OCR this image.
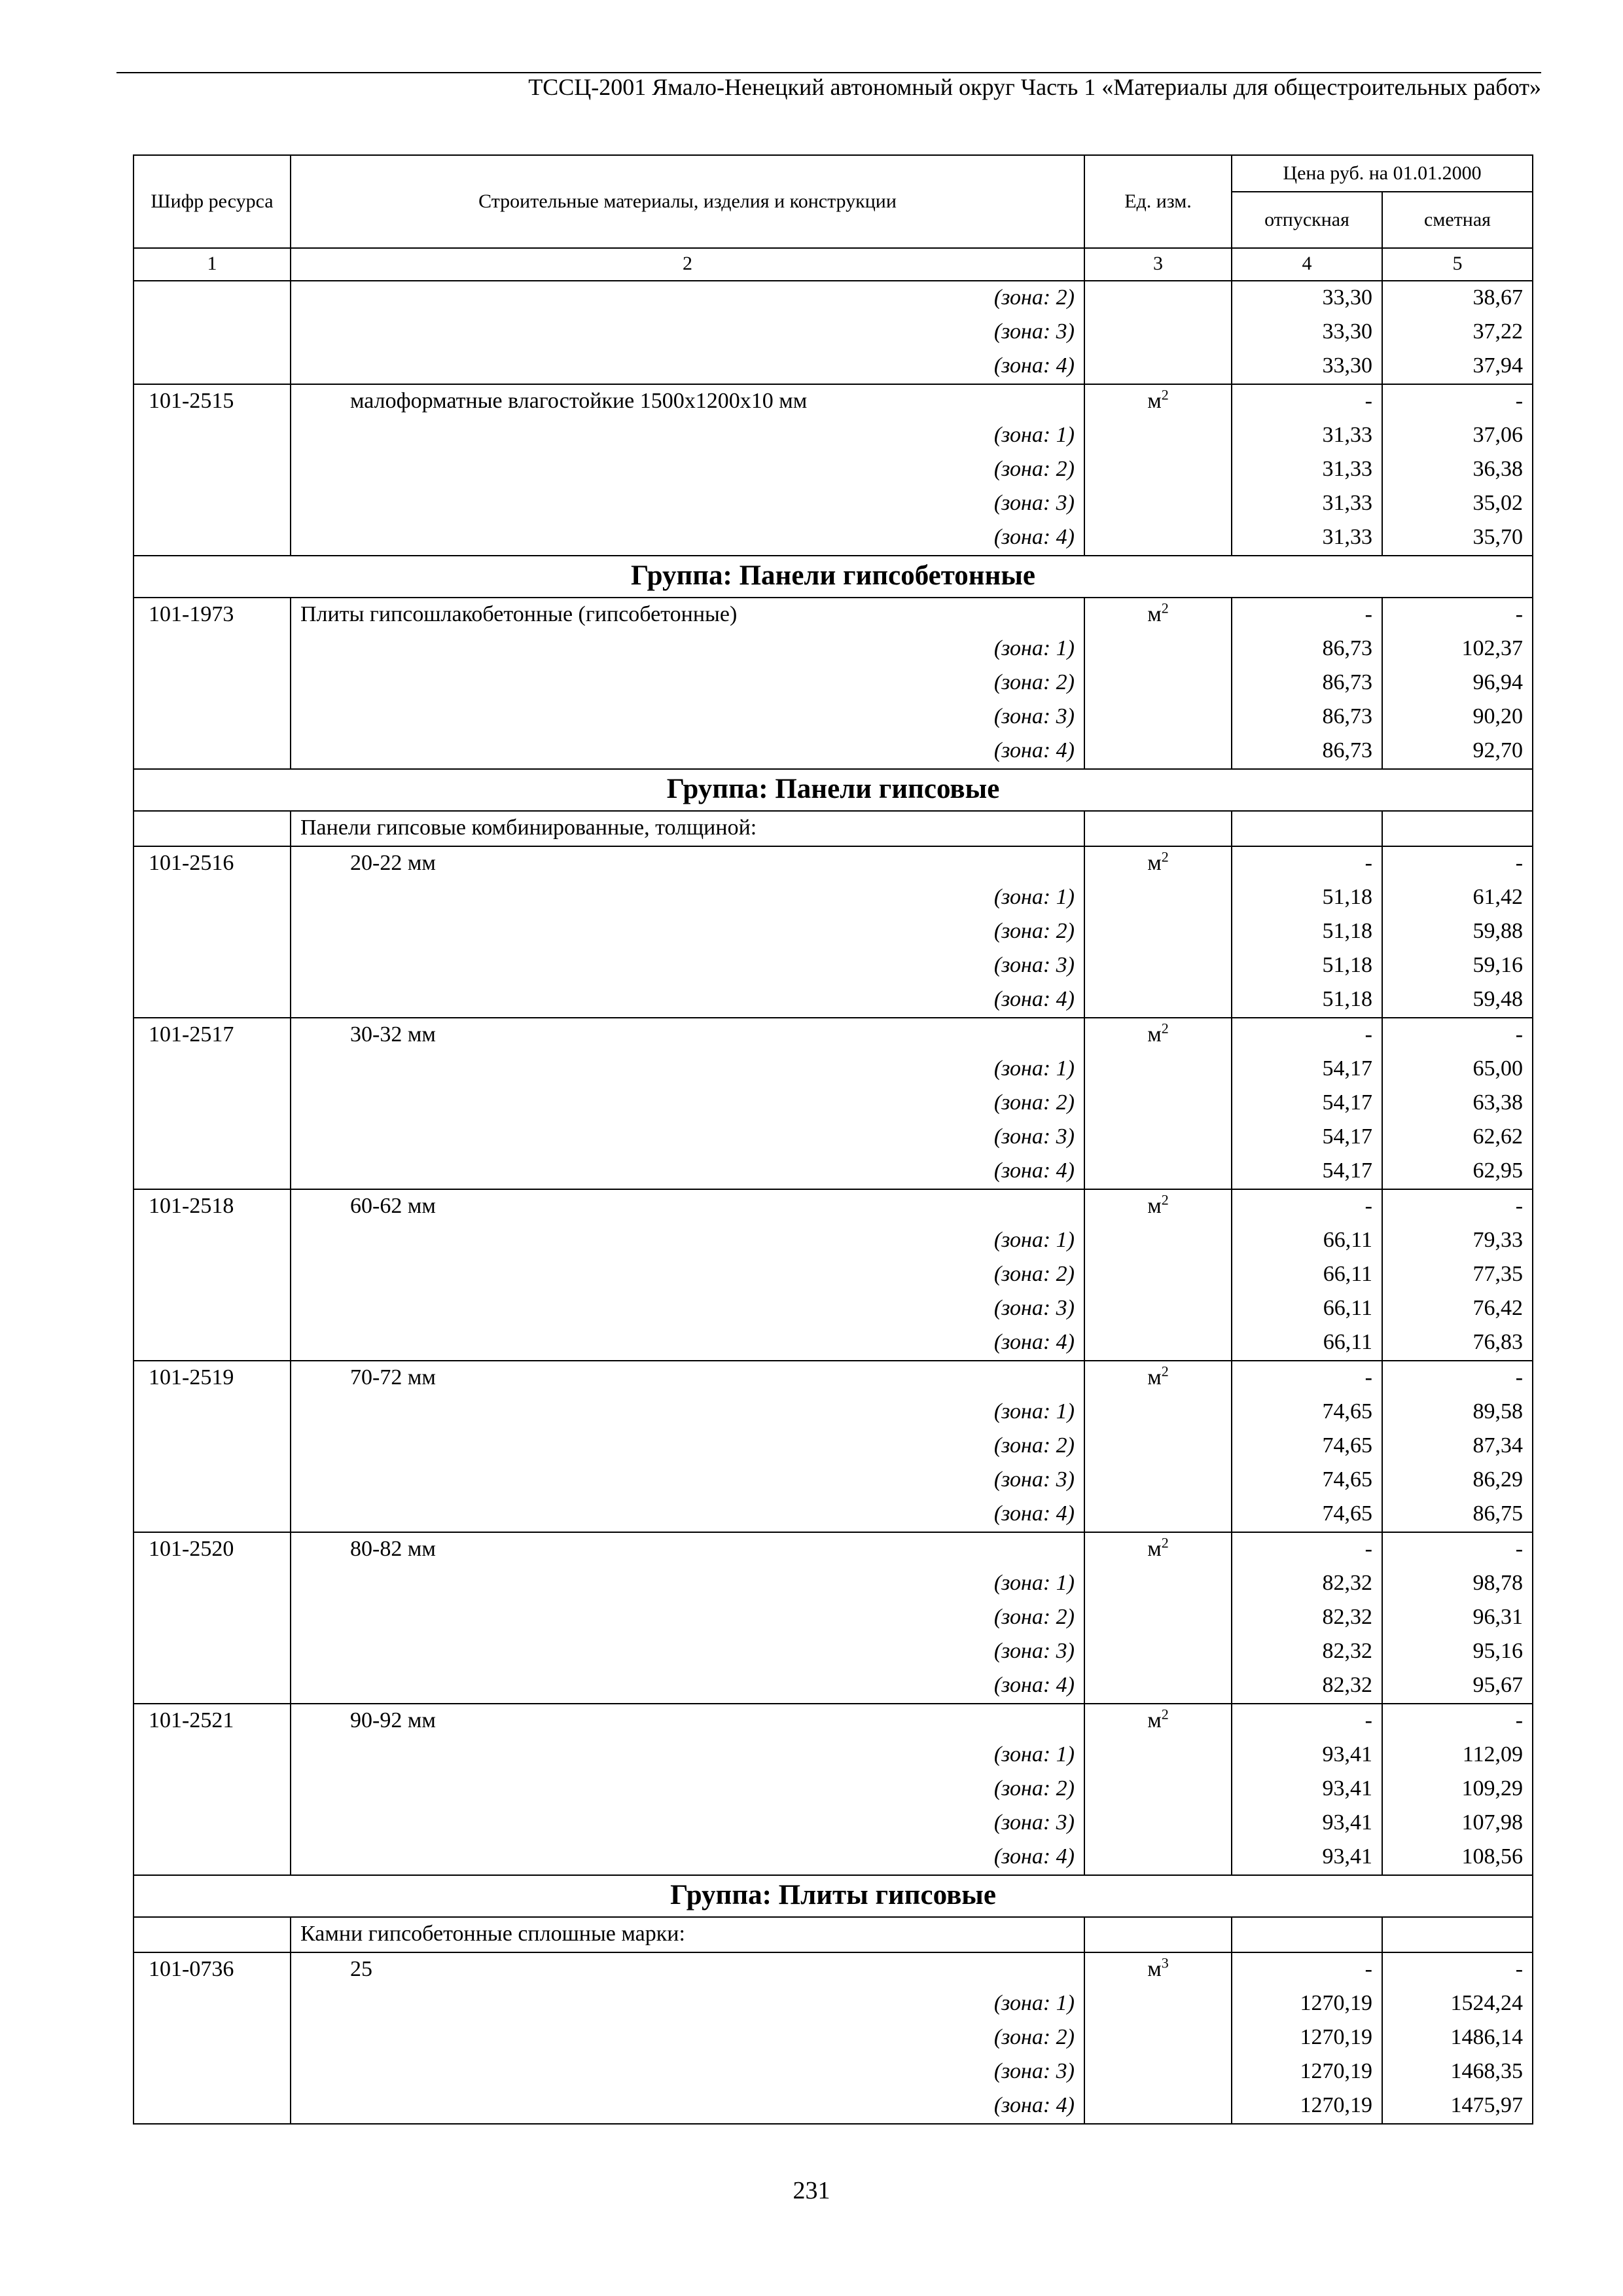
ТССЦ-2001 Ямало-Ненецкий автономный округ Часть 1 «Материалы для общестроительных работ»
Шифр ресурса	Строительные материалы, изделия и конструкции	Ед. изм.	Цена руб. на 01.01.2000	
			отпускная	сметная
1	2	3	4	5
	(зона: 2)		33,30	38,67
	(зона: 3)		33,30	37,22
	(зона: 4)		33,30	37,94
101-2515	малоформатные влагостойкие 1500х1200х10 мм	$м^2$	-	-
	(зона: 1)		31,33	37,06
	(зона: 2)		31,33	36,38
	(зона: 3)		31,33	35,02
	(зона: 4)		31,33	35,70
Группа: Панели гипсобетонные				
101-1973	Плиты гипсошлакобетонные (гипсобетонные)	$м^2$	-	-
	(зона: 1)		86,73	102,37
	(зона: 2)		86,73	96,94
	(зона: 3)		86,73	90,20
	(зона: 4)		86,73	92,70
Группа: Панели гипсовые				
	Панели гипсовые комбинированные, толщиной:			
101-2516	20-22 мм	$м^2$	-	-
	(зона: 1)		51,18	61,42
	(зона: 2)		51,18	59,88
	(зона: 3)		51,18	59,16
	(зона: 4)		51,18	59,48
101-2517	30-32 мм	$м^2$	-	-
	(зона: 1)		54,17	65,00
	(зона: 2)		54,17	63,38
	(зона: 3)		54,17	62,62
	(зона: 4)		54,17	62,95
101-2518	60-62 мм	$м^2$	-	-
	(зона: 1)		66,11	79,33
	(зона: 2)		66,11	77,35
	(зона: 3)		66,11	76,42
	(зона: 4)		66,11	76,83
101-2519	70-72 мм	$м^2$	-	-
	(зона: 1)		74,65	89,58
	(зона: 2)		74,65	87,34
	(зона: 3)		74,65	86,29
	(зона: 4)		74,65	86,75
101-2520	80-82 мм	$м^2$	-	-
	(зона: 1)		82,32	98,78
	(зона: 2)		82,32	96,31
	(зона: 3)		82,32	95,16
	(зона: 4)		82,32	95,67
101-2521	90-92 мм	$м^2$	-	-
	(зона: 1)		93,41	112,09
	(зона: 2)		93,41	109,29
	(зона: 3)		93,41	107,98
	(зона: 4)		93,41	108,56
Группа: Плиты гипсовые				
	Камни гипсобетонные сплошные марки:			
101-0736	25	$м^3$	-	-
	(зона: 1)		1270,19	1524,24
	(зона: 2)		1270,19	1486,14
	(зона: 3)		1270,19	1468,35
	(зона: 4)		1270,19	1475,97
231
